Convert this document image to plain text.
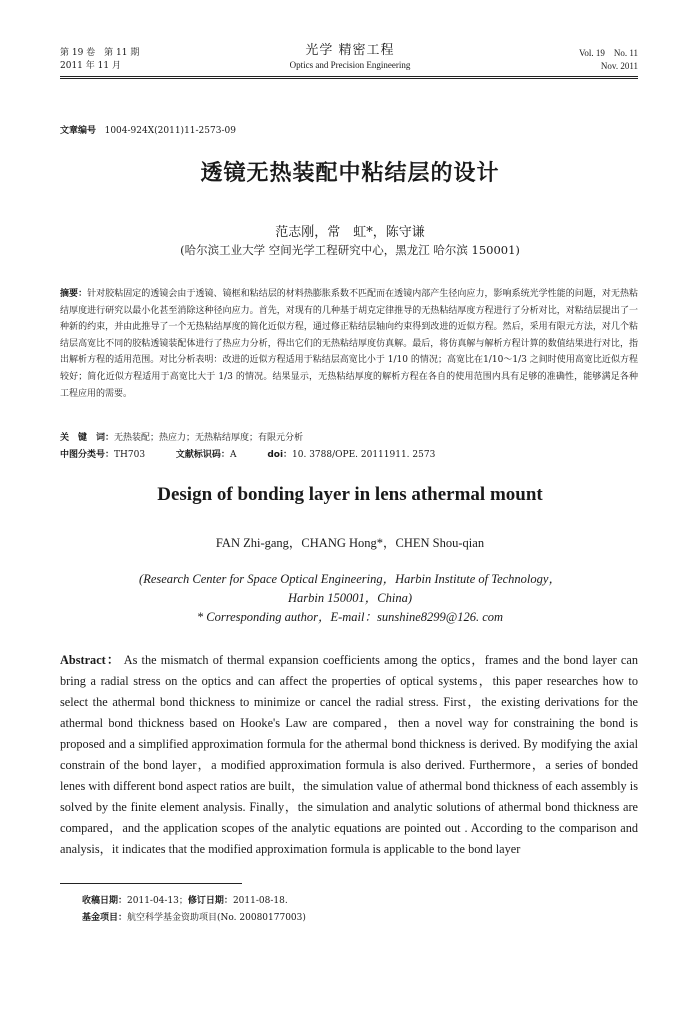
第 19 卷　第 11 期
2011 年 11 月
光学 精密工程
Optics and Precision Engineering
Vol. 19　No. 11
Nov. 2011
文章编号 1004-924X(2011)11-2573-09
透镜无热装配中粘结层的设计
范志刚，常　虹*，陈守谦
(哈尔滨工业大学 空间光学工程研究中心，黑龙江 哈尔滨 150001)
摘要：针对胶粘固定的透镜会由于透镜、镜框和粘结层的材料热膨胀系数不匹配而在透镜内部产生径向应力，影响系统光学性能的问题，对无热粘结厚度进行研究以最小化甚至消除这种径向应力。首先，对现有的几种基于胡克定律推导的无热粘结厚度方程进行了分析对比，对粘结层提出了一种新的约束，并由此推导了一个无热粘结厚度的简化近似方程，通过修正粘结层轴向约束得到改进的近似方程。然后，采用有限元方法，对几个粘结层高宽比不同的胶粘透镜装配体进行了热应力分析，得出它们的无热粘结厚度仿真解。最后，将仿真解与解析方程计算的数值结果进行对比，指出解析方程的适用范围。对比分析表明：改进的近似方程适用于粘结层高宽比小于 1/10 的情况；高宽比在1/10～1/3 之间时使用高宽比近似方程较好；简化近似方程适用于高宽比大于 1/3 的情况。结果显示，无热粘结厚度的解析方程在各自的使用范围内具有足够的准确性，能够满足各种工程应用的需要。
关　键　词：无热装配；热应力；无热粘结厚度；有限元分析
中图分类号：TH703	文献标识码：A	doi：10. 3788/OPE. 20111911. 2573
Design of bonding layer in lens athermal mount
FAN Zhi-gang，CHANG Hong*，CHEN Shou-qian
(Research Center for Space Optical Engineering，Harbin Institute of Technology，
Harbin 150001，China)
* Corresponding author，E-mail：sunshine8299@126. com
Abstract： As the mismatch of thermal expansion coefficients among the optics，frames and the bond layer can bring a radial stress on the optics and can affect the properties of optical systems，this paper researches how to select the athermal bond thickness to minimize or cancel the radial stress. First，the existing derivations for the athermal bond thickness based on Hooke's Law are compared，then a novel way for constraining the bond is proposed and a simplified approximation formula for the athermal bond thickness is derived. By modifying the axial constrain of the bond layer，a modified approximation formula is also derived. Furthermore，a series of bonded lenes with different bond aspect ratios are built，the simulation value of athermal bond thickness of each assembly is solved by the finite element analysis. Finally，the simulation and analytic solutions of athermal bond thickness are compared，and the application scopes of the analytic equations are pointed out . According to the comparison and analysis，it indicates that the modified approximation formula is applicable to the bond layer
收稿日期：2011-04-13；修订日期：2011-08-18.
基金项目：航空科学基金资助项目(No. 20080177003)
